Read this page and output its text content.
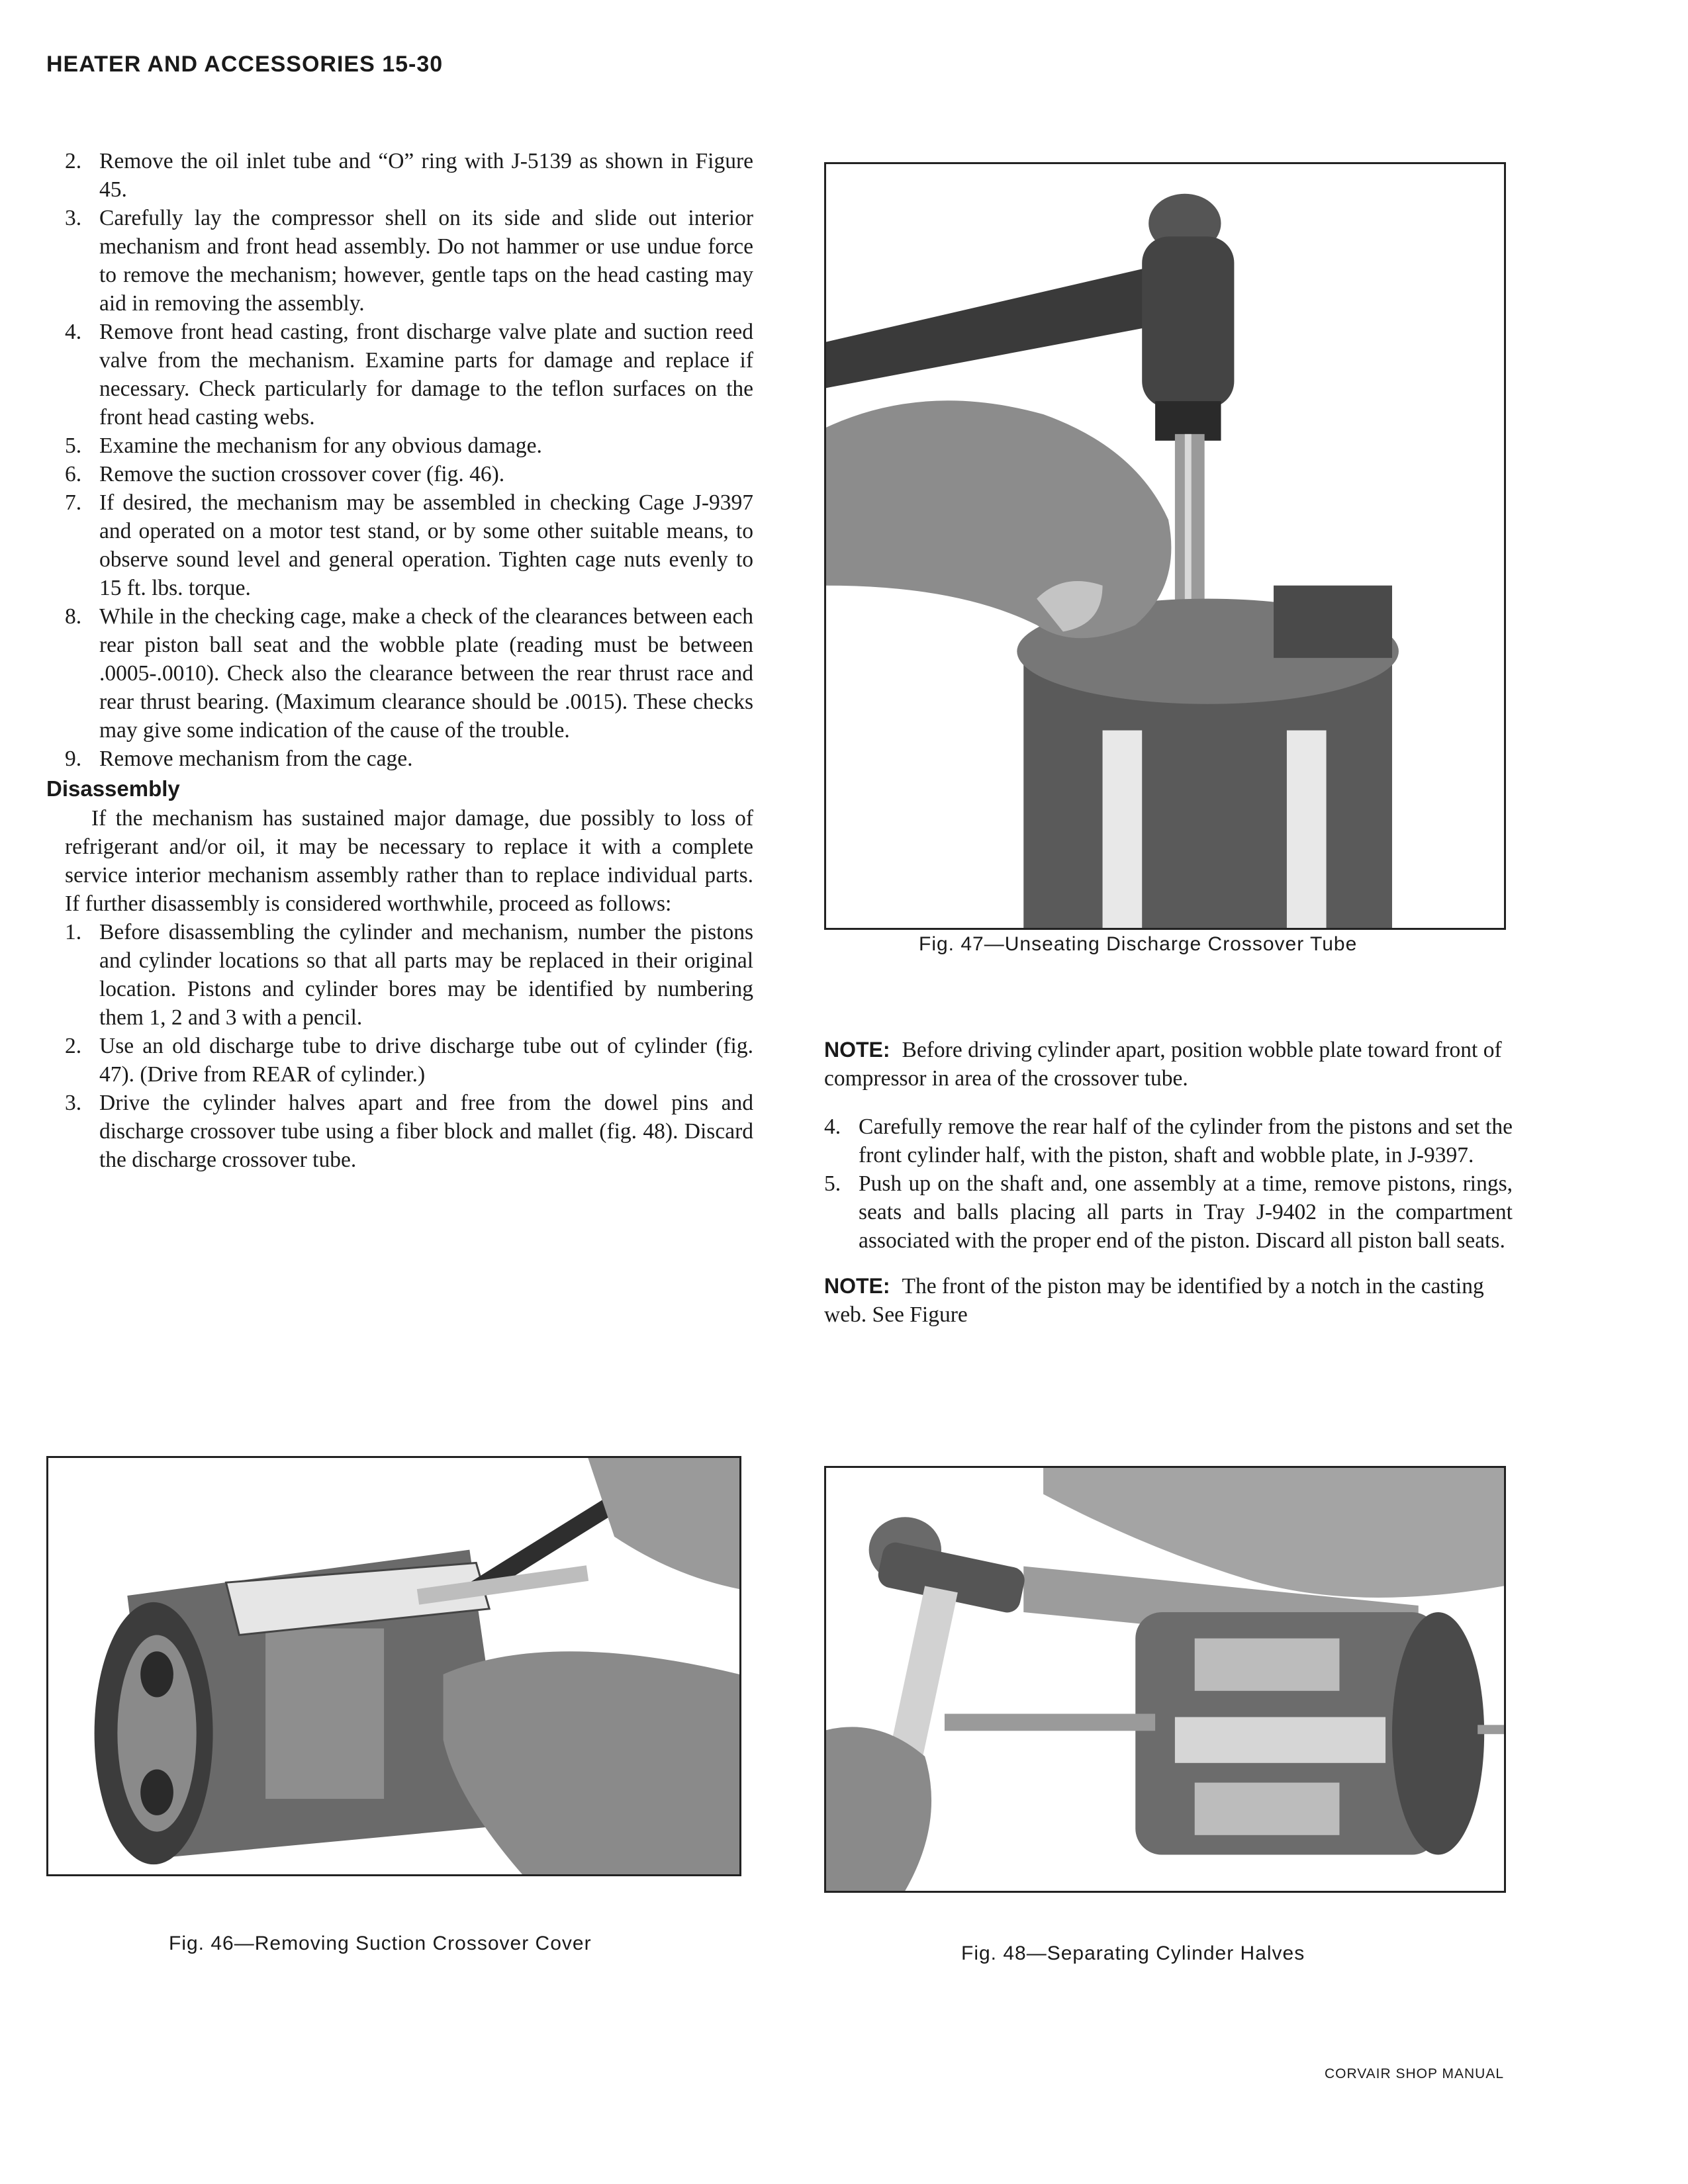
HEATER AND ACCESSORIES 15-30
2. Remove the oil inlet tube and “O” ring with J-5139 as shown in Figure 45.
3. Carefully lay the compressor shell on its side and slide out interior mechanism and front head assembly. Do not hammer or use undue force to remove the mechanism; however, gentle taps on the head casting may aid in removing the assembly.
4. Remove front head casting, front discharge valve plate and suction reed valve from the mechanism. Examine parts for damage and replace if necessary. Check particularly for damage to the teflon surfaces on the front head casting webs.
5. Examine the mechanism for any obvious damage.
6. Remove the suction crossover cover (fig. 46).
7. If desired, the mechanism may be assembled in checking Cage J-9397 and operated on a motor test stand, or by some other suitable means, to observe sound level and general operation. Tighten cage nuts evenly to 15 ft. lbs. torque.
8. While in the checking cage, make a check of the clearances between each rear piston ball seat and the wobble plate (reading must be between .0005-.0010). Check also the clearance between the rear thrust race and rear thrust bearing. (Maximum clearance should be .0015). These checks may give some indication of the cause of the trouble.
9. Remove mechanism from the cage.
Disassembly

If the mechanism has sustained major damage, due possibly to loss of refrigerant and/or oil, it may be necessary to replace it with a complete service interior mechanism assembly rather than to replace individual parts. If further disassembly is considered worthwhile, proceed as follows:

1. Before disassembling the cylinder and mechanism, number the pistons and cylinder locations so that all parts may be replaced in their original location. Pistons and cylinder bores may be identified by numbering them 1, 2 and 3 with a pencil.
2. Use an old discharge tube to drive discharge tube out of cylinder (fig. 47). (Drive from REAR of cylinder.)
3. Drive the cylinder halves apart and free from the dowel pins and discharge crossover tube using a fiber block and mallet (fig. 48). Discard the discharge crossover tube.

NOTE: Before driving cylinder apart, position wobble plate toward front of compressor in area of the crossover tube.

4. Carefully remove the rear half of the cylinder from the pistons and set the front cylinder half, with the piston, shaft and wobble plate, in J-9397.
5. Push up on the shaft and, one assembly at a time, remove pistons, rings, seats and balls placing all parts in Tray J-9402 in the compartment associated with the proper end of the piston. Discard all piston ball seats.

NOTE: The front of the piston may be identified by a notch in the casting web. See Figure

Fig. 47—Unseating Discharge Crossover Tube
Fig. 46—Removing Suction Crossover Cover	Fig. 48—Separating Cylinder Halves
CORVAIR SHOP MANUAL
